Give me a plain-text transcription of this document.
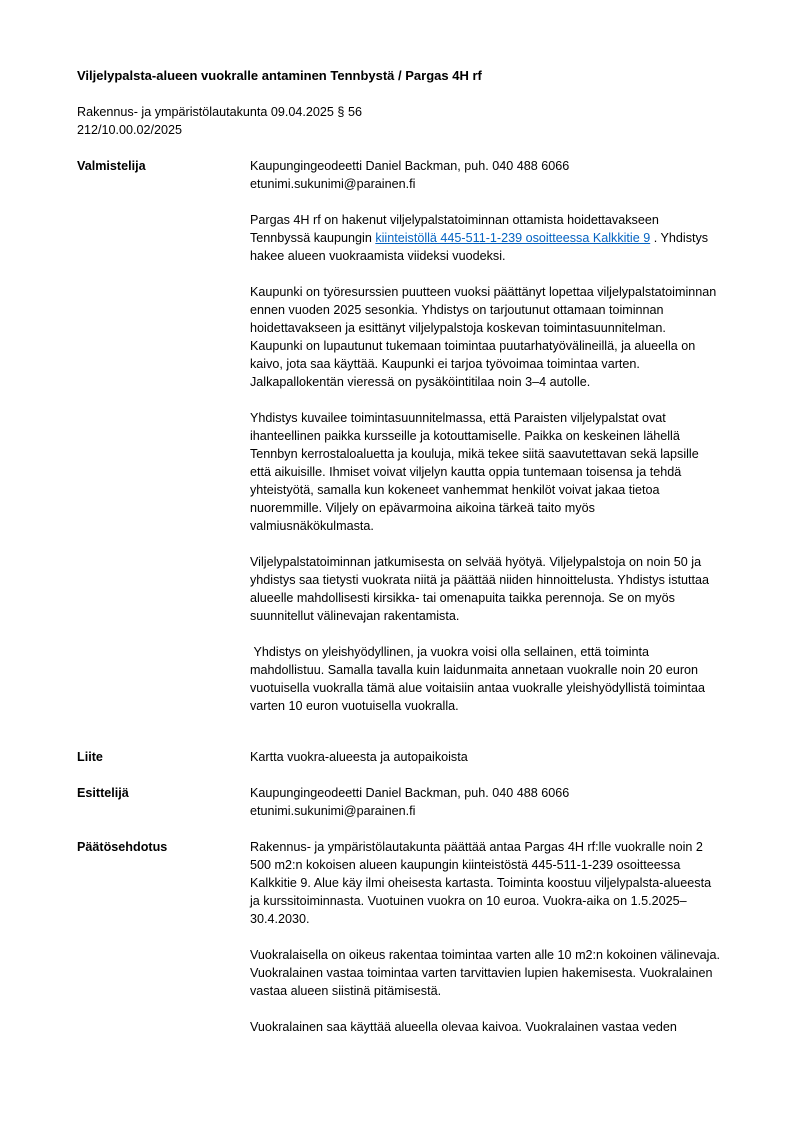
Viljelypalsta-alueen vuokralle antaminen Tennbystä / Pargas 4H rf
Rakennus- ja ympäristölautakunta 09.04.2025 § 56
212/10.00.02/2025
Valmistelija	Kaupungingeodeetti Daniel Backman, puh. 040 488 6066
etunimi.sukunimi@parainen.fi

Pargas 4H rf on hakenut viljelypalstatoiminnan ottamista hoidettavakseen Tennbyssä kaupungin kiinteistöllä 445-511-1-239 osoitteessa Kalkkitie 9 . Yhdistys hakee alueen vuokraamista viideksi vuodeksi.

Kaupunki on työresurssien puutteen vuoksi päättänyt lopettaa viljelypalstatoiminnan ennen vuoden 2025 sesonkia. Yhdistys on tarjoutunut ottamaan toiminnan hoidettavakseen ja esittänyt viljelypalstoja koskevan toimintasuunnitelman. Kaupunki on lupautunut tukemaan toimintaa puutarhatyövälineillä, ja alueella on kaivo, jota saa käyttää. Kaupunki ei tarjoa työvoimaa toimintaa varten. Jalkapallokentän vieressä on pysäköintitilaa noin 3–4 autolle.

Yhdistys kuvailee toimintasuunnitelmassa, että Paraisten viljelypalstat ovat ihanteellinen paikka kursseille ja kotouttamiselle. Paikka on keskeinen lähellä Tennbyn kerrostaloaluetta ja kouluja, mikä tekee siitä saavutettavan sekä lapsille että aikuisille. Ihmiset voivat viljelyn kautta oppia tuntemaan toisensa ja tehdä yhteistyötä, samalla kun kokeneet vanhemmat henkilöt voivat jakaa tietoa nuoremmille. Viljely on epävarmoina aikoina tärkeä taito myös valmiusnäkökulmasta.

Viljelypalstatoiminnan jatkumisesta on selvää hyötyä. Viljelypalstoja on noin 50 ja yhdistys saa tietysti vuokrata niitä ja päättää niiden hinnoittelusta. Yhdistys istuttaa alueelle mahdollisesti kirsikka- tai omenapuita taikka perennoja. Se on myös suunnitellut välinevajan rakentamista.

Yhdistys on yleishyödyllinen, ja vuokra voisi olla sellainen, että toiminta mahdollistuu. Samalla tavalla kuin laidunmaita annetaan vuokralle noin 20 euron vuotuisella vuokralla tämä alue voitaisiin antaa vuokralle yleishyödyllistä toimintaa varten 10 euron vuotuisella vuokralla.

Liite	Kartta vuokra-alueesta ja autopaikoista
Esittelijä	Kaupungingeodeetti Daniel Backman, puh. 040 488 6066
etunimi.sukunimi@parainen.fi
Päätösehdotus	Rakennus- ja ympäristölautakunta päättää antaa Pargas 4H rf:lle vuokralle noin 2 500 m2:n kokoisen alueen kaupungin kiinteistöstä 445-511-1-239 osoitteessa Kalkkitie 9. Alue käy ilmi oheisesta kartasta. Toiminta koostuu viljelypalsta-alueesta ja kurssitoiminnasta. Vuotuinen vuokra on 10 euroa. Vuokra-aika on 1.5.2025–30.4.2030.

Vuokralaisella on oikeus rakentaa toimintaa varten alle 10 m2:n kokoinen välinevaja. Vuokralainen vastaa toimintaa varten tarvittavien lupien hakemisesta. Vuokralainen vastaa alueen siistinä pitämisestä.

Vuokralainen saa käyttää alueella olevaa kaivoa. Vuokralainen vastaa veden
